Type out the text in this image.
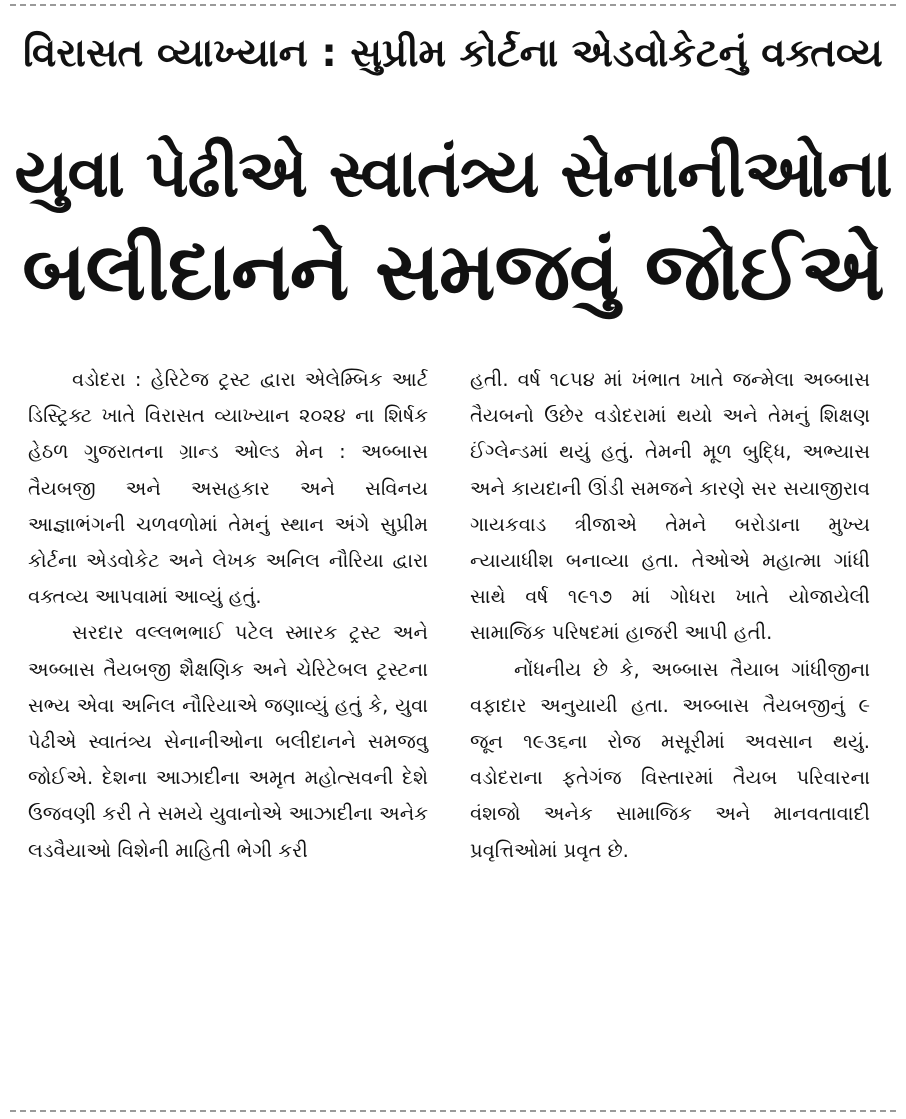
વિરાસત વ્યાખ્યાન : સુપ્રીમ કોર્ટના એડવોકેટનું વક્તવ્ય
યુવા પેઢીએ સ્વાતંત્ર્ય સેનાનીઓના
બલીદાનને સમજવું જોઈએ

વડોદરા : હેરિટેજ ટ્રસ્ટ દ્વારા એલેમ્બિક આર્ટ ડિસ્ટ્રિક્ટ ખાતે વિરાસત વ્યાખ્યાન ૨૦૨૪ ના શિર્ષક હેઠળ ગુજરાતના ગ્રાન્ડ ઓલ્ડ મેન : અબ્બાસ તૈયબજી અને અસહકાર અને સવિનય આજ્ઞાભંગની ચળવળોમાં તેમનું સ્થાન અંગે સુપ્રીમ કોર્ટના એડવોકેટ અને લેખક અનિલ નૌરિયા દ્વારા વક્તવ્ય આપવામાં આવ્યું હતું.

સરદાર વલ્લભભાઈ પટેલ સ્મારક ટ્રસ્ટ અને અબ્બાસ તૈયબજી શૈક્ષણિક અને ચેરિટેબલ ટ્રસ્ટના સભ્ય એવા અનિલ નૌરિયાએ જણાવ્યું હતું કે, યુવા પેઢીએ સ્વાતંત્ર્ય સેનાનીઓના બલીદાનને સમજવુ જોઈએ. દેશના આઝાદીના અમૃત મહોત્સવની દેશે ઉજવણી કરી તે સમયે યુવાનોએ આઝાદીના અનેક લડવૈયાઓ વિશેની માહિતી ભેગી કરી

હતી. વર્ષ ૧૮૫૪ માં ખંભાત ખાતે જન્મેલા અબ્બાસ તૈયબનો ઉછેર વડોદરામાં થયો અને તેમનું શિક્ષણ ઈંગ્લેન્ડમાં થયું હતું. તેમની મૂળ બુદ્ધિ, અભ્યાસ અને કાયદાની ઊંડી સમજને કારણે સર સયાજીરાવ ગાયકવાડ ત્રીજાએ તેમને બરોડાના મુખ્ય ન્યાયાધીશ બનાવ્યા હતા. તેઓએ મહાત્મા ગાંધી સાથે વર્ષ ૧૯૧૭ માં ગોધરા ખાતે યોજાયેલી સામાજિક પરિષદમાં હાજરી આપી હતી.

નોંધનીય છે કે, અબ્બાસ તૈયાબ ગાંધીજીના વફાદાર અનુયાયી હતા. અબ્બાસ તૈયબજીનું ૯ જૂન ૧૯૩૬ના રોજ મસૂરીમાં અવસાન થયું. વડોદરાના ફતેગંજ વિસ્તારમાં તૈયબ પરિવારના વંશજો અનેક સામાજિક અને માનવતાવાદી પ્રવૃત્તિઓમાં પ્રવૃત છે.
